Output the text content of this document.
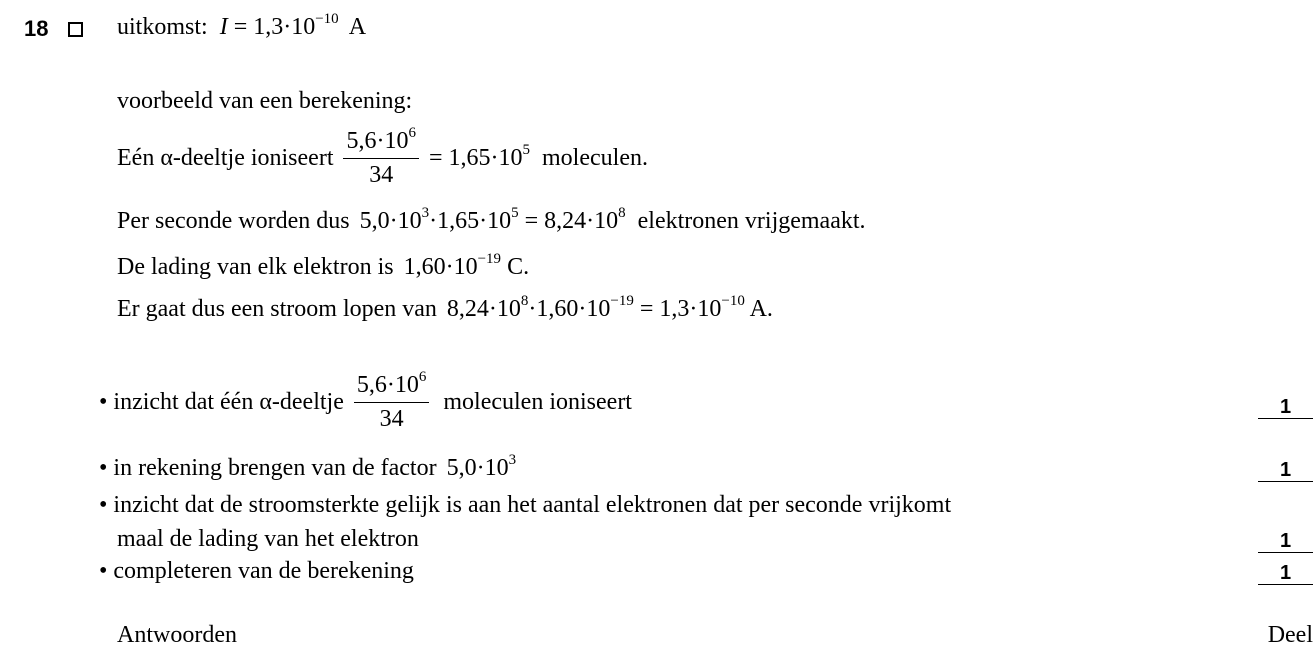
18	uitkomst: $I = 1,3\cdot 10^{-10}$ A
voorbeeld van een berekening:
Eén α-deeltje ioniseert $\frac{5,6\cdot 10^6}{34} = 1,65\cdot 10^5$ moleculen.
Per seconde worden dus $5,0\cdot 10^3\cdot 1,65\cdot 10^5 = 8,24\cdot 10^8$ elektronen vrijgemaakt.
De lading van elk elektron is $1,60\cdot 10^{-19}$ C.
Er gaat dus een stroom lopen van $8,24\cdot 10^8\cdot 1,60\cdot 10^{-19} = 1,3\cdot 10^{-10}$ A.
• inzicht dat één α-deeltje $\frac{5,6\cdot 10^6}{34}$ moleculen ioniseert	1
• in rekening brengen van de factor $5,0\cdot 10^3$	1
• inzicht dat de stroomsterkte gelijk is aan het aantal elektronen dat per seconde vrijkomt
maal de lading van het elektron	1
• completeren van de berekening	1
Antwoorden	Deel
